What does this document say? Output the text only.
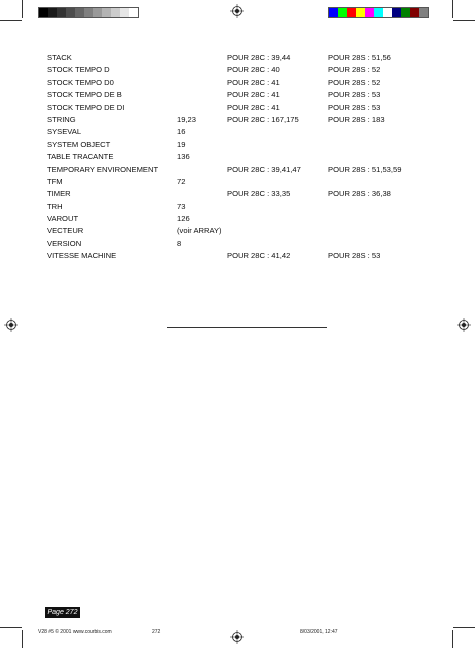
STACK	POUR 28C : 39,44	POUR 28S : 51,56
STOCK TEMPO D	POUR 28C : 40	POUR 28S : 52
STOCK TEMPO D0	POUR 28C : 41	POUR 28S : 52
STOCK TEMPO DE B	POUR 28C : 41	POUR 28S : 53
STOCK TEMPO DE DI	POUR 28C : 41	POUR 28S : 53
STRING	19,23	POUR 28C : 167,175	POUR 28S : 183
SYSEVAL	16
SYSTEM OBJECT	19
TABLE TRACANTE	136
TEMPORARY ENVIRONEMENT	POUR 28C : 39,41,47	POUR 28S : 51,53,59
TFM	72
TIMER	POUR 28C : 33,35	POUR 28S : 36,38
TRH	73
VAROUT	126
VECTEUR	(voir ARRAY)
VERSION	8
VITESSE MACHINE	POUR 28C : 41,42	POUR 28S : 53
Page 272
V28 #5 © 2001 www.courbis.com	272	8/03/2001, 12:47
